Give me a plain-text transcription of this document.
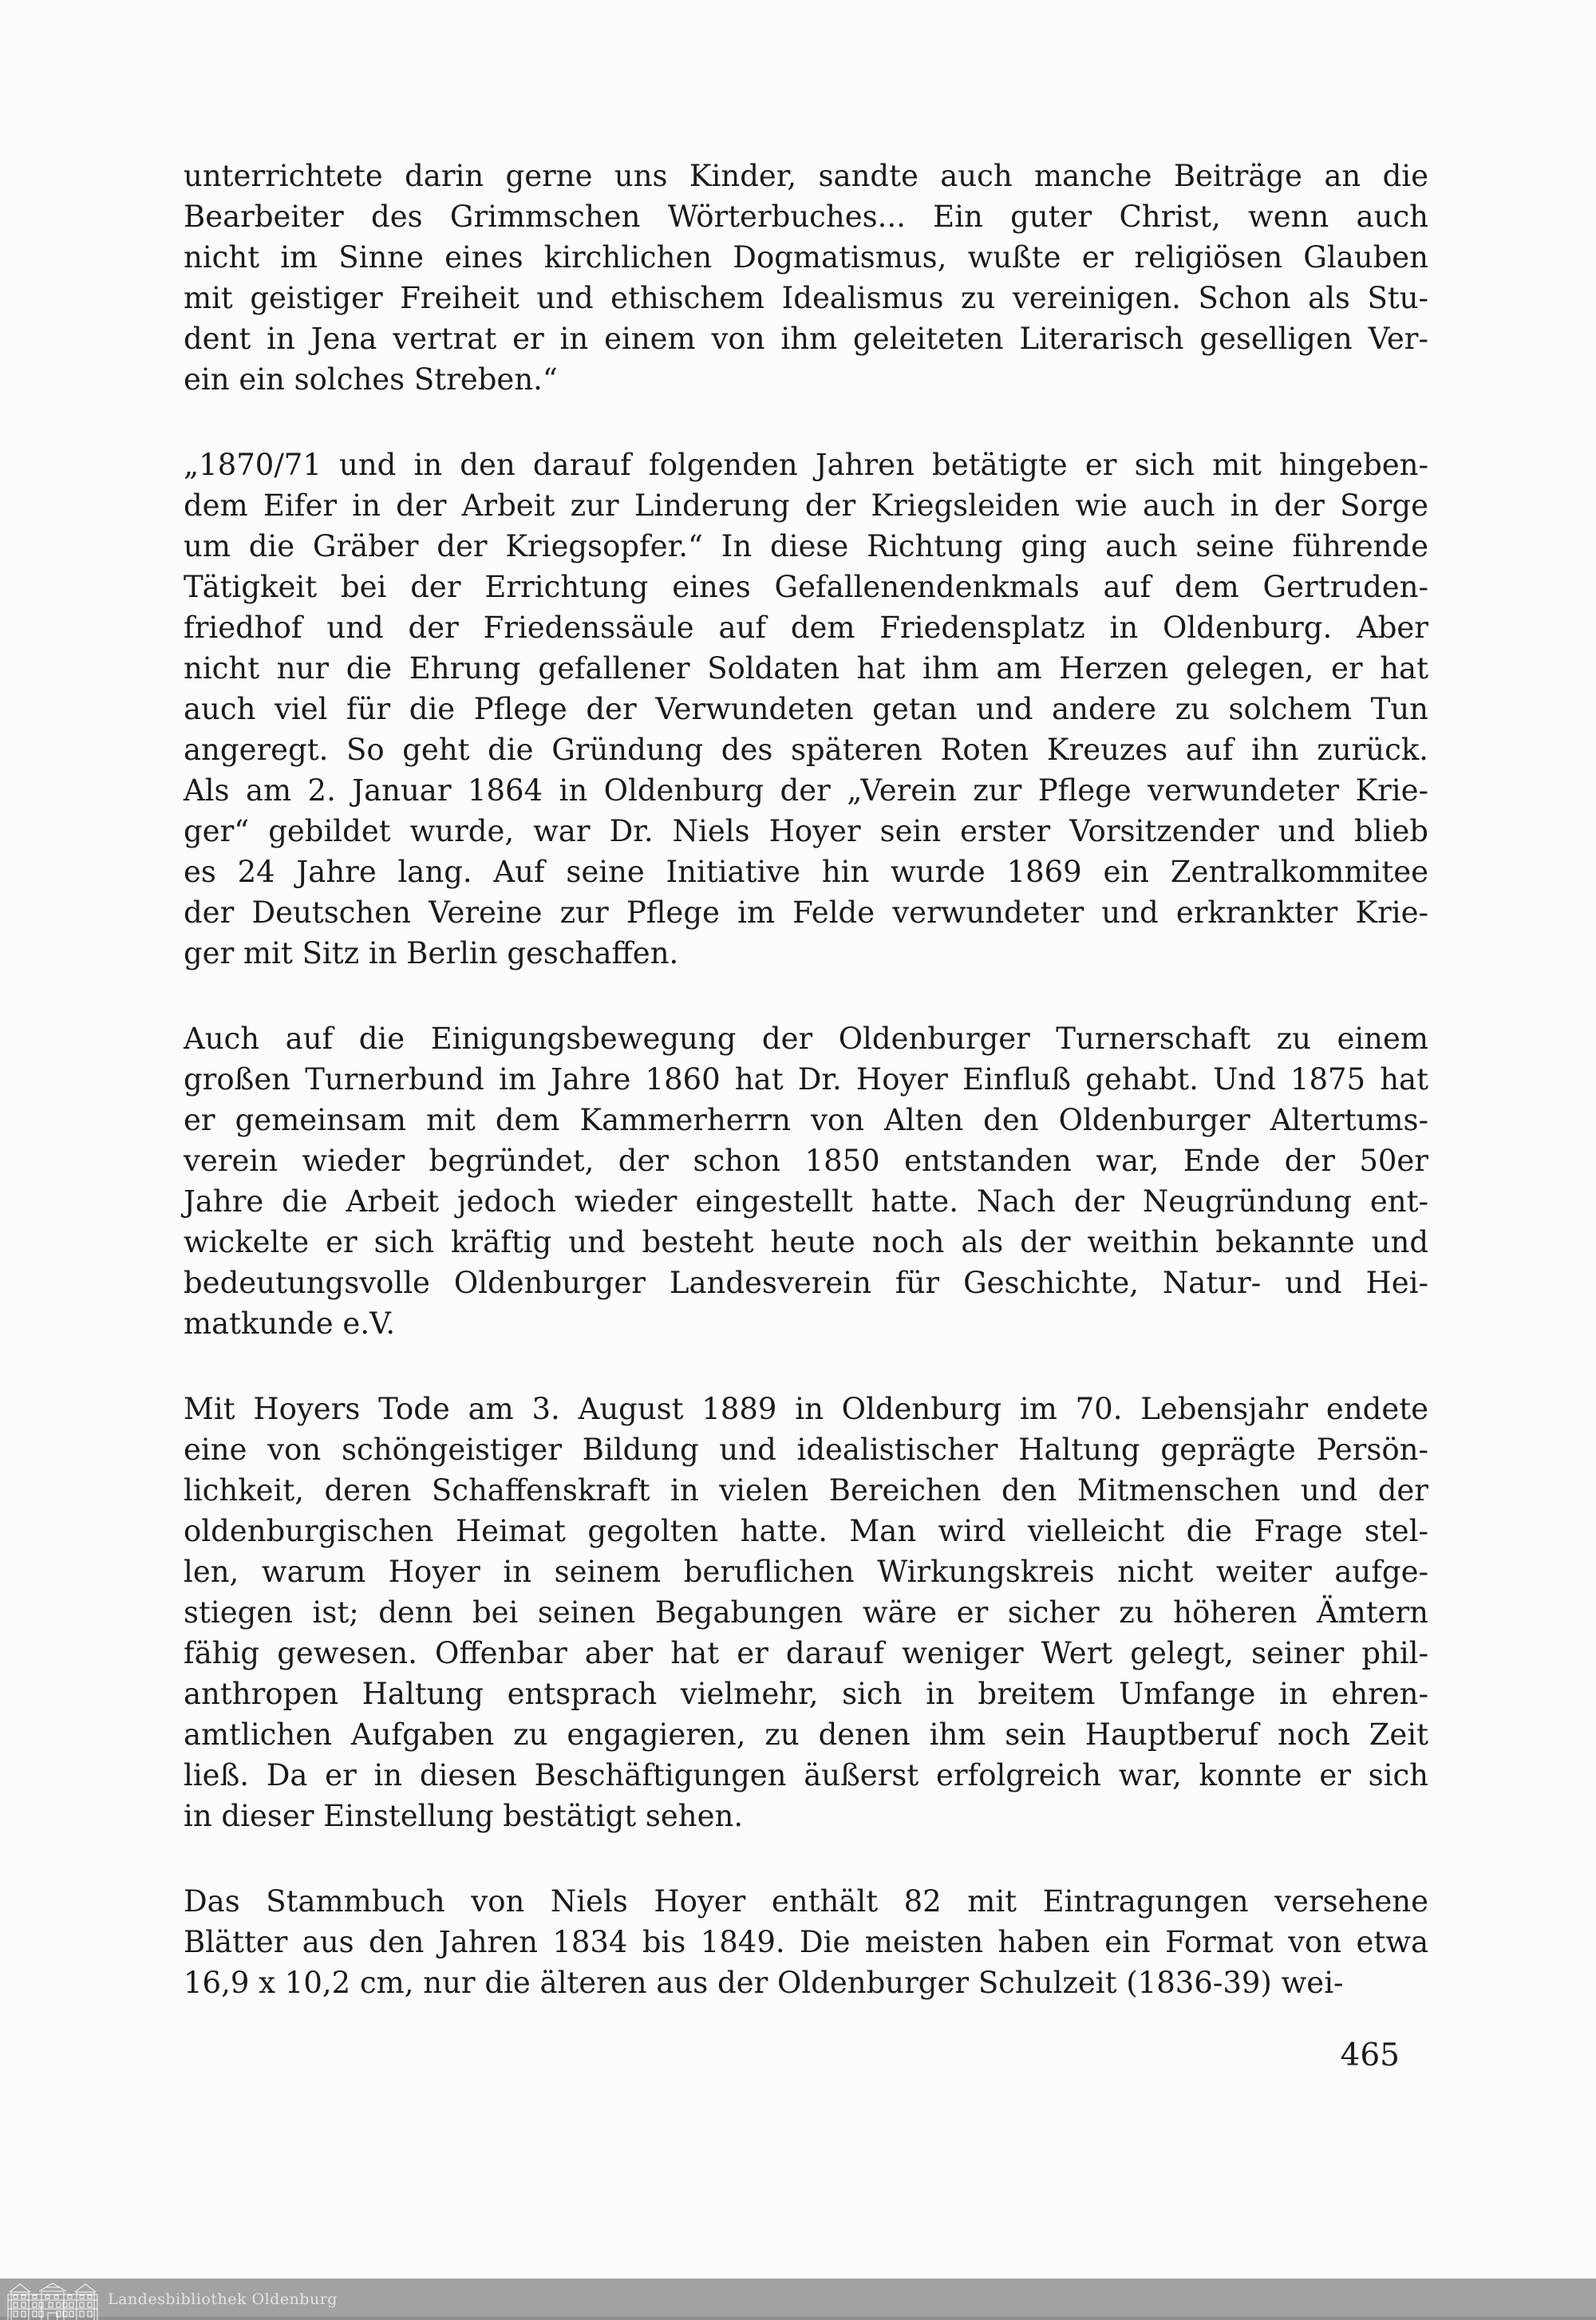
unterrichtete darin gerne uns Kinder, sandte auch manche Beiträge an die
Bearbeiter des Grimmschen Wörterbuches... Ein guter Christ, wenn auch
nicht im Sinne eines kirchlichen Dogmatismus, wußte er religiösen Glauben
mit geistiger Freiheit und ethischem Idealismus zu vereinigen. Schon als Stu-
dent in Jena vertrat er in einem von ihm geleiteten Literarisch geselligen Ver-
ein ein solches Streben.“
„1870/71 und in den darauf folgenden Jahren betätigte er sich mit hingeben-
dem Eifer in der Arbeit zur Linderung der Kriegsleiden wie auch in der Sorge
um die Gräber der Kriegsopfer.“ In diese Richtung ging auch seine führende
Tätigkeit bei der Errichtung eines Gefallenendenkmals auf dem Gertruden-
friedhof und der Friedenssäule auf dem Friedensplatz in Oldenburg. Aber
nicht nur die Ehrung gefallener Soldaten hat ihm am Herzen gelegen, er hat
auch viel für die Pflege der Verwundeten getan und andere zu solchem Tun
angeregt. So geht die Gründung des späteren Roten Kreuzes auf ihn zurück.
Als am 2. Januar 1864 in Oldenburg der „Verein zur Pflege verwundeter Krie-
ger“ gebildet wurde, war Dr. Niels Hoyer sein erster Vorsitzender und blieb
es 24 Jahre lang. Auf seine Initiative hin wurde 1869 ein Zentralkommitee
der Deutschen Vereine zur Pflege im Felde verwundeter und erkrankter Krie-
ger mit Sitz in Berlin geschaffen.
Auch auf die Einigungsbewegung der Oldenburger Turnerschaft zu einem
großen Turnerbund im Jahre 1860 hat Dr. Hoyer Einfluß gehabt. Und 1875 hat
er gemeinsam mit dem Kammerherrn von Alten den Oldenburger Altertums-
verein wieder begründet, der schon 1850 entstanden war, Ende der 50er
Jahre die Arbeit jedoch wieder eingestellt hatte. Nach der Neugründung ent-
wickelte er sich kräftig und besteht heute noch als der weithin bekannte und
bedeutungsvolle Oldenburger Landesverein für Geschichte, Natur- und Hei-
matkunde e.V.
Mit Hoyers Tode am 3. August 1889 in Oldenburg im 70. Lebensjahr endete
eine von schöngeistiger Bildung und idealistischer Haltung geprägte Persön-
lichkeit, deren Schaffenskraft in vielen Bereichen den Mitmenschen und der
oldenburgischen Heimat gegolten hatte. Man wird vielleicht die Frage stel-
len, warum Hoyer in seinem beruflichen Wirkungskreis nicht weiter aufge-
stiegen ist; denn bei seinen Begabungen wäre er sicher zu höheren Ämtern
fähig gewesen. Offenbar aber hat er darauf weniger Wert gelegt, seiner phil-
anthropen Haltung entsprach vielmehr, sich in breitem Umfange in ehren-
amtlichen Aufgaben zu engagieren, zu denen ihm sein Hauptberuf noch Zeit
ließ. Da er in diesen Beschäftigungen äußerst erfolgreich war, konnte er sich
in dieser Einstellung bestätigt sehen.
Das Stammbuch von Niels Hoyer enthält 82 mit Eintragungen versehene
Blätter aus den Jahren 1834 bis 1849. Die meisten haben ein Format von etwa
16,9 x 10,2 cm, nur die älteren aus der Oldenburger Schulzeit (1836-39) wei-
465
Landesbibliothek Oldenburg
